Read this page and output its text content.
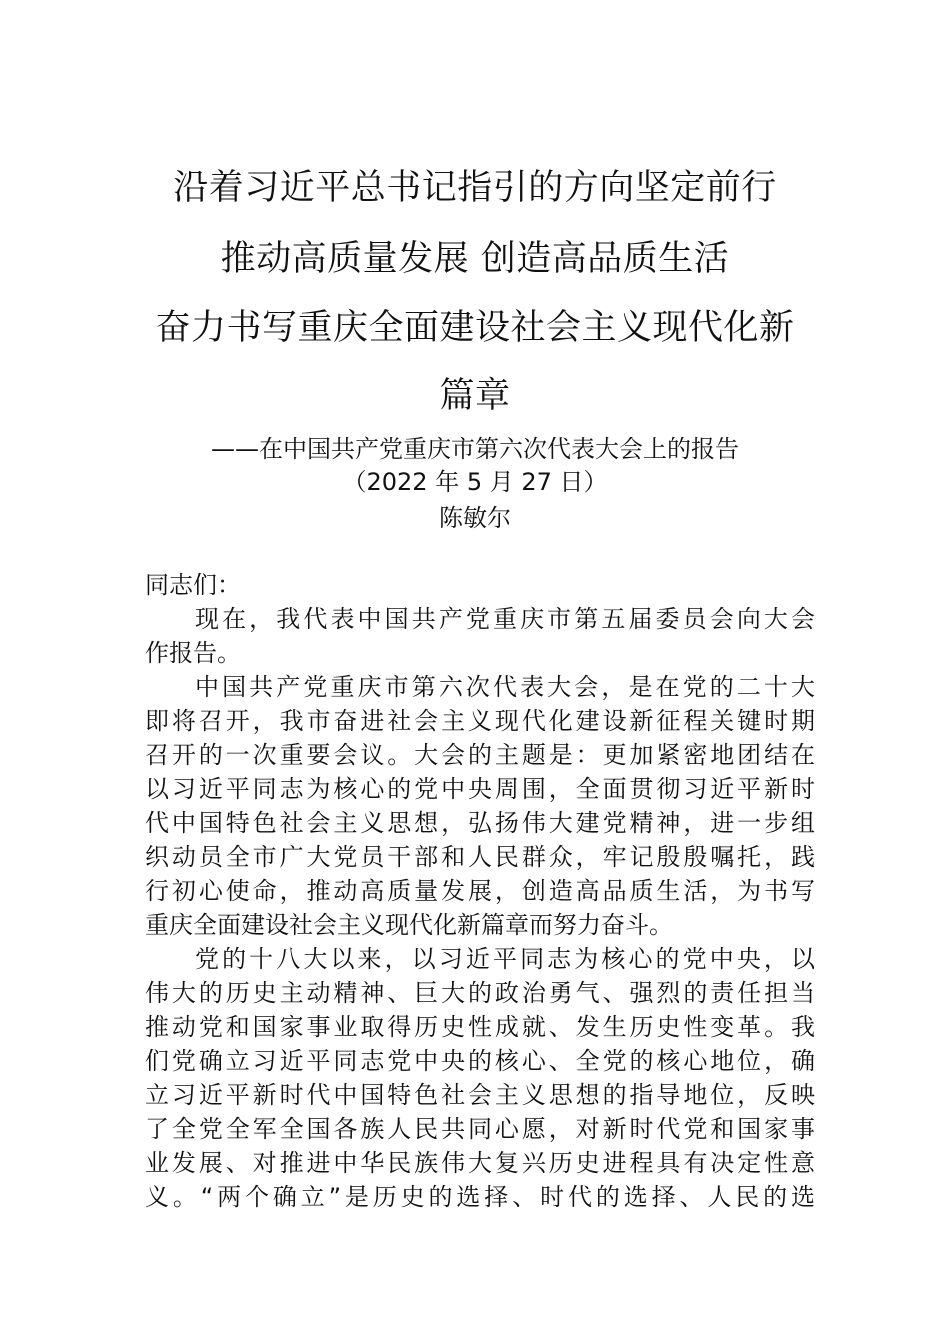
沿着习近平总书记指引的方向坚定前行
推动高质量发展 创造高品质生活
奋力书写重庆全面建设社会主义现代化新
篇章
——在中国共产党重庆市第六次代表大会上的报告
（2022 年 5 月 27 日）
陈敏尔
同志们：
现在，我代表中国共产党重庆市第五届委员会向大会
作报告。
中国共产党重庆市第六次代表大会，是在党的二十大
即将召开，我市奋进社会主义现代化建设新征程关键时期
召开的一次重要会议。大会的主题是：更加紧密地团结在
以习近平同志为核心的党中央周围，全面贯彻习近平新时
代中国特色社会主义思想，弘扬伟大建党精神，进一步组
织动员全市广大党员干部和人民群众，牢记殷殷嘱托，践
行初心使命，推动高质量发展，创造高品质生活，为书写
重庆全面建设社会主义现代化新篇章而努力奋斗。
党的十八大以来，以习近平同志为核心的党中央，以
伟大的历史主动精神、巨大的政治勇气、强烈的责任担当
推动党和国家事业取得历史性成就、发生历史性变革。我
们党确立习近平同志党中央的核心、全党的核心地位，确
立习近平新时代中国特色社会主义思想的指导地位，反映
了全党全军全国各族人民共同心愿，对新时代党和国家事
业发展、对推进中华民族伟大复兴历史进程具有决定性意
义。“两个确立”是历史的选择、时代的选择、人民的选
